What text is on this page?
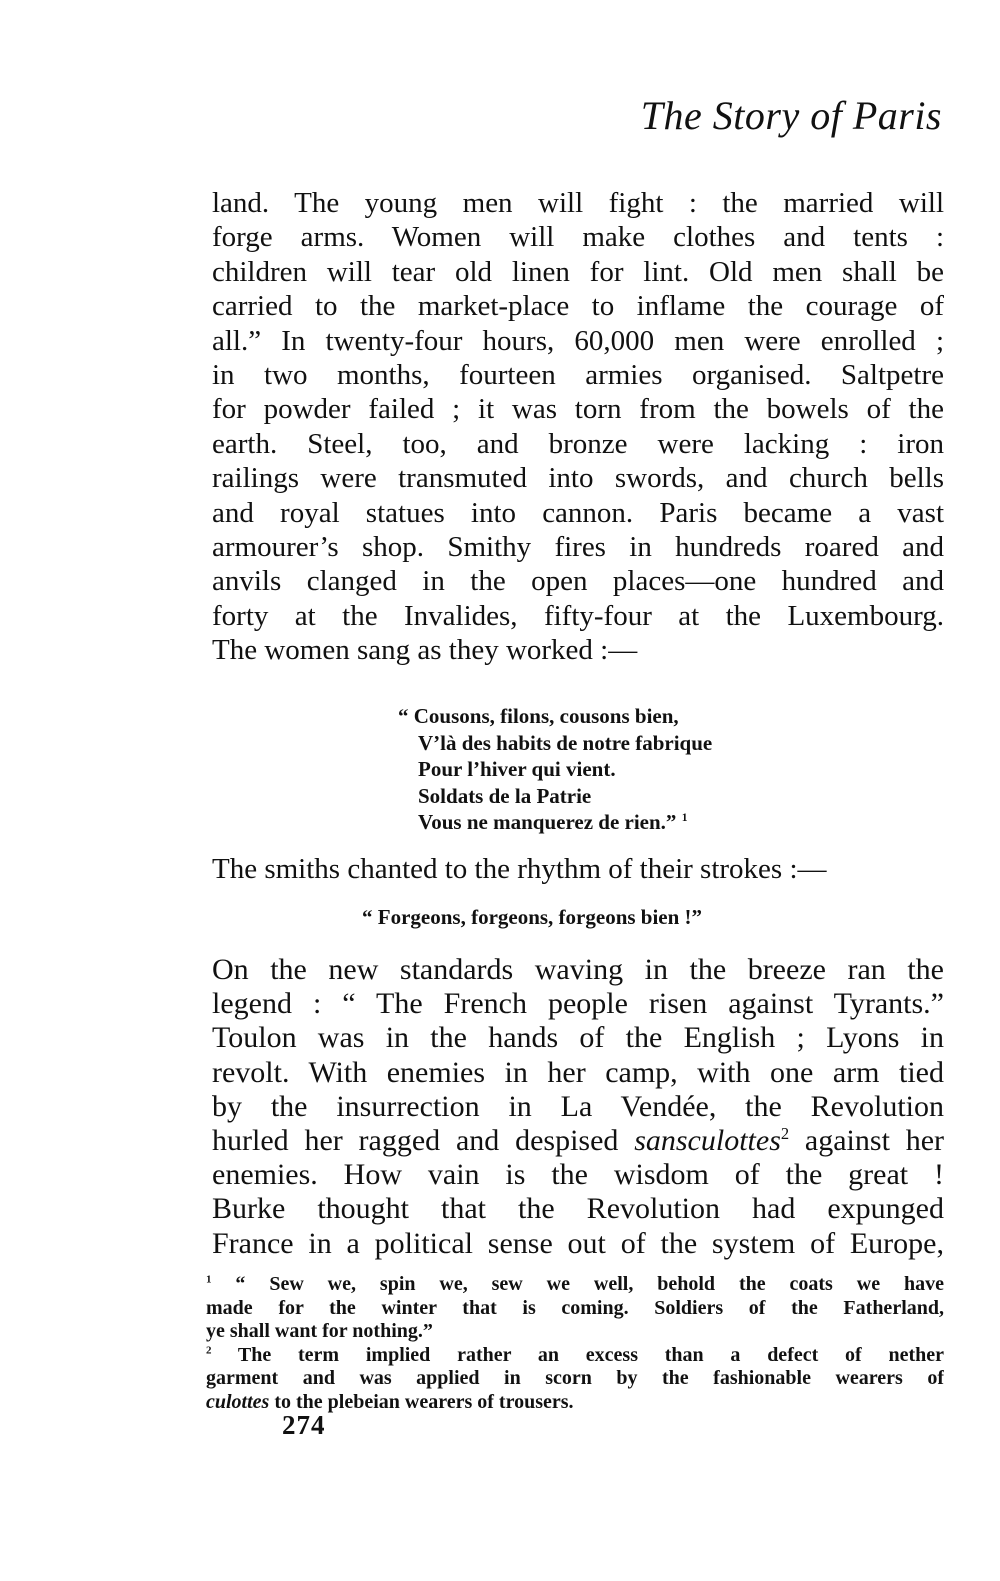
The Story of Paris
land. The young men will fight : the married will
forge arms. Women will make clothes and tents :
children will tear old linen for lint. Old men shall be
carried to the market-place to inflame the courage of
all.” In twenty-four hours, 60,000 men were enrolled ;
in two months, fourteen armies organised. Saltpetre
for powder failed ; it was torn from the bowels of the
earth. Steel, too, and bronze were lacking : iron
railings were transmuted into swords, and church bells
and royal statues into cannon. Paris became a vast
armourer’s shop. Smithy fires in hundreds roared and
anvils clanged in the open places—one hundred and
forty at the Invalides, fifty-four at the Luxembourg.
The women sang as they worked :—
“ Cousons, filons, cousons bien,
V’là des habits de notre fabrique
Pour l’hiver qui vient.
Soldats de la Patrie
Vous ne manquerez de rien.” $^1$
The smiths chanted to the rhythm of their strokes :—
“ Forgeons, forgeons, forgeons bien !”
On the new standards waving in the breeze ran the
legend : “ The French people risen against Tyrants.”
Toulon was in the hands of the English ; Lyons in
revolt. With enemies in her camp, with one arm tied
by the insurrection in La Vendée, the Revolution
hurled her ragged and despised sansculottes$^2$ against her
enemies. How vain is the wisdom of the great !
Burke thought that the Revolution had expunged
France in a political sense out of the system of Europe,
$^1$ “ Sew we, spin we, sew we well, behold the coats we have
made for the winter that is coming. Soldiers of the Fatherland,
ye shall want for nothing.”
$^2$ The term implied rather an excess than a defect of nether
garment and was applied in scorn by the fashionable wearers of
culottes to the plebeian wearers of trousers.
274
